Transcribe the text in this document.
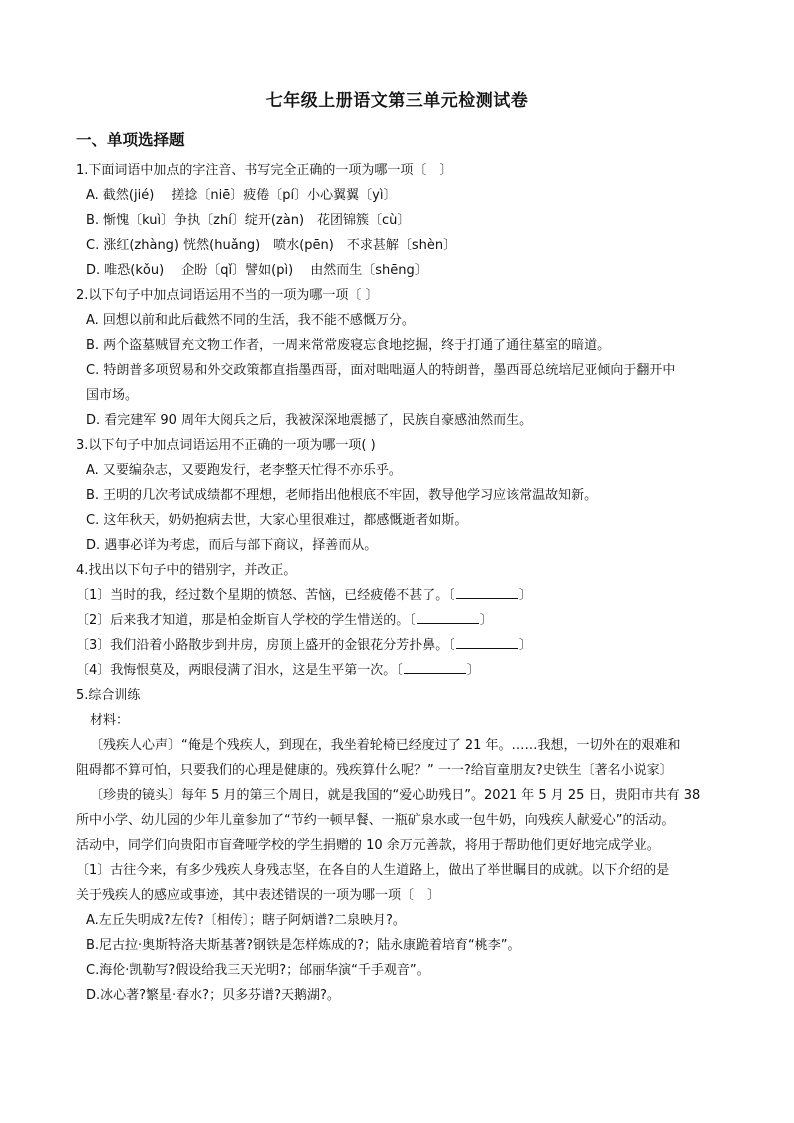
七年级上册语文第三单元检测试卷
一、单项选择题
1.下面词语中加点的字注音、书写完全正确的一项为哪一项〔　〕
A. 截然(jié)　 搓捻〔niē〕疲倦〔pí〕小心翼翼〔yì〕
B. 惭愧〔kuì〕争执〔zhí〕绽开(zàn)　花团锦簇〔cù〕
C. 涨红(zhàng) 恍然(huǎng)　喷水(pēn)　不求甚解〔shèn〕
D. 唯恐(kǒu)　 企盼〔qǐ〕譬如(pì)　 由然而生〔shēng〕
2.以下句子中加点词语运用不当的一项为哪一项〔 〕
A. 回想以前和此后截然不同的生活，我不能不感慨万分。
B. 两个盗墓贼冒充文物工作者，一周来常常废寝忘食地挖掘，终于打通了通往墓室的暗道。
C. 特朗普多项贸易和外交政策都直指墨西哥，面对咄咄逼人的特朗普，墨西哥总统培尼亚倾向于翻开中
国市场。
D. 看完建军 90 周年大阅兵之后，我被深深地震撼了，民族自豪感油然而生。
3.以下句子中加点词语运用不正确的一项为哪一项( )
A. 又要编杂志，又要跑发行，老李整天忙得不亦乐乎。
B. 王明的几次考试成绩都不理想，老师指出他根底不牢固，教导他学习应该常温故知新。
C. 这年秋天，奶奶抱病去世，大家心里很难过，都感慨逝者如斯。
D. 遇事必详为考虑，而后与部下商议，择善而从。
4.找出以下句子中的错别字，并改正。
〔1〕当时的我，经过数个星期的愤怒、苦恼，已经疲倦不甚了。〔	〕
〔2〕后来我才知道，那是柏金斯盲人学校的学生惜送的。〔	〕
〔3〕我们沿着小路散步到井房，房顶上盛开的金银花分芳扑鼻。〔	〕
〔4〕我悔恨莫及，两眼侵满了泪水，这是生平第一次。〔	〕
5.综合训练
材料：
〔残疾人心声〕“俺是个残疾人，到现在，我坐着轮椅已经度过了 21 年。……我想，一切外在的艰难和
阻碍都不算可怕，只要我们的心理是健康的。残疾算什么呢？” 一一?给盲童朋友?史铁生〔著名小说家〕
〔珍贵的镜头〕每年 5 月的第三个周日，就是我国的“爱心助残日”。2021 年 5 月 25 日，贵阳市共有 38
所中小学、幼儿园的少年儿童参加了“节约一顿早餐、一瓶矿泉水或一包牛奶，向残疾人献爱心”的活动。
活动中，同学们向贵阳市盲聋哑学校的学生捐赠的 10 余万元善款，将用于帮助他们更好地完成学业。
〔1〕古往今来，有多少残疾人身残志坚，在各自的人生道路上，做出了举世瞩目的成就。以下介绍的是
关于残疾人的感应或事迹，其中表述错误的一项为哪一项〔　〕
A.左丘失明成?左传?〔相传〕；瞎子阿炳谱?二泉映月?。
B.尼古拉·奥斯特洛夫斯基著?钢铁是怎样炼成的?；陆永康跪着培育“桃李”。
C.海伦·凯勒写?假设给我三天光明?；邰丽华演“千手观音”。
D.冰心著?繁星·春水?；贝多芬谱?天鹅湖?。
